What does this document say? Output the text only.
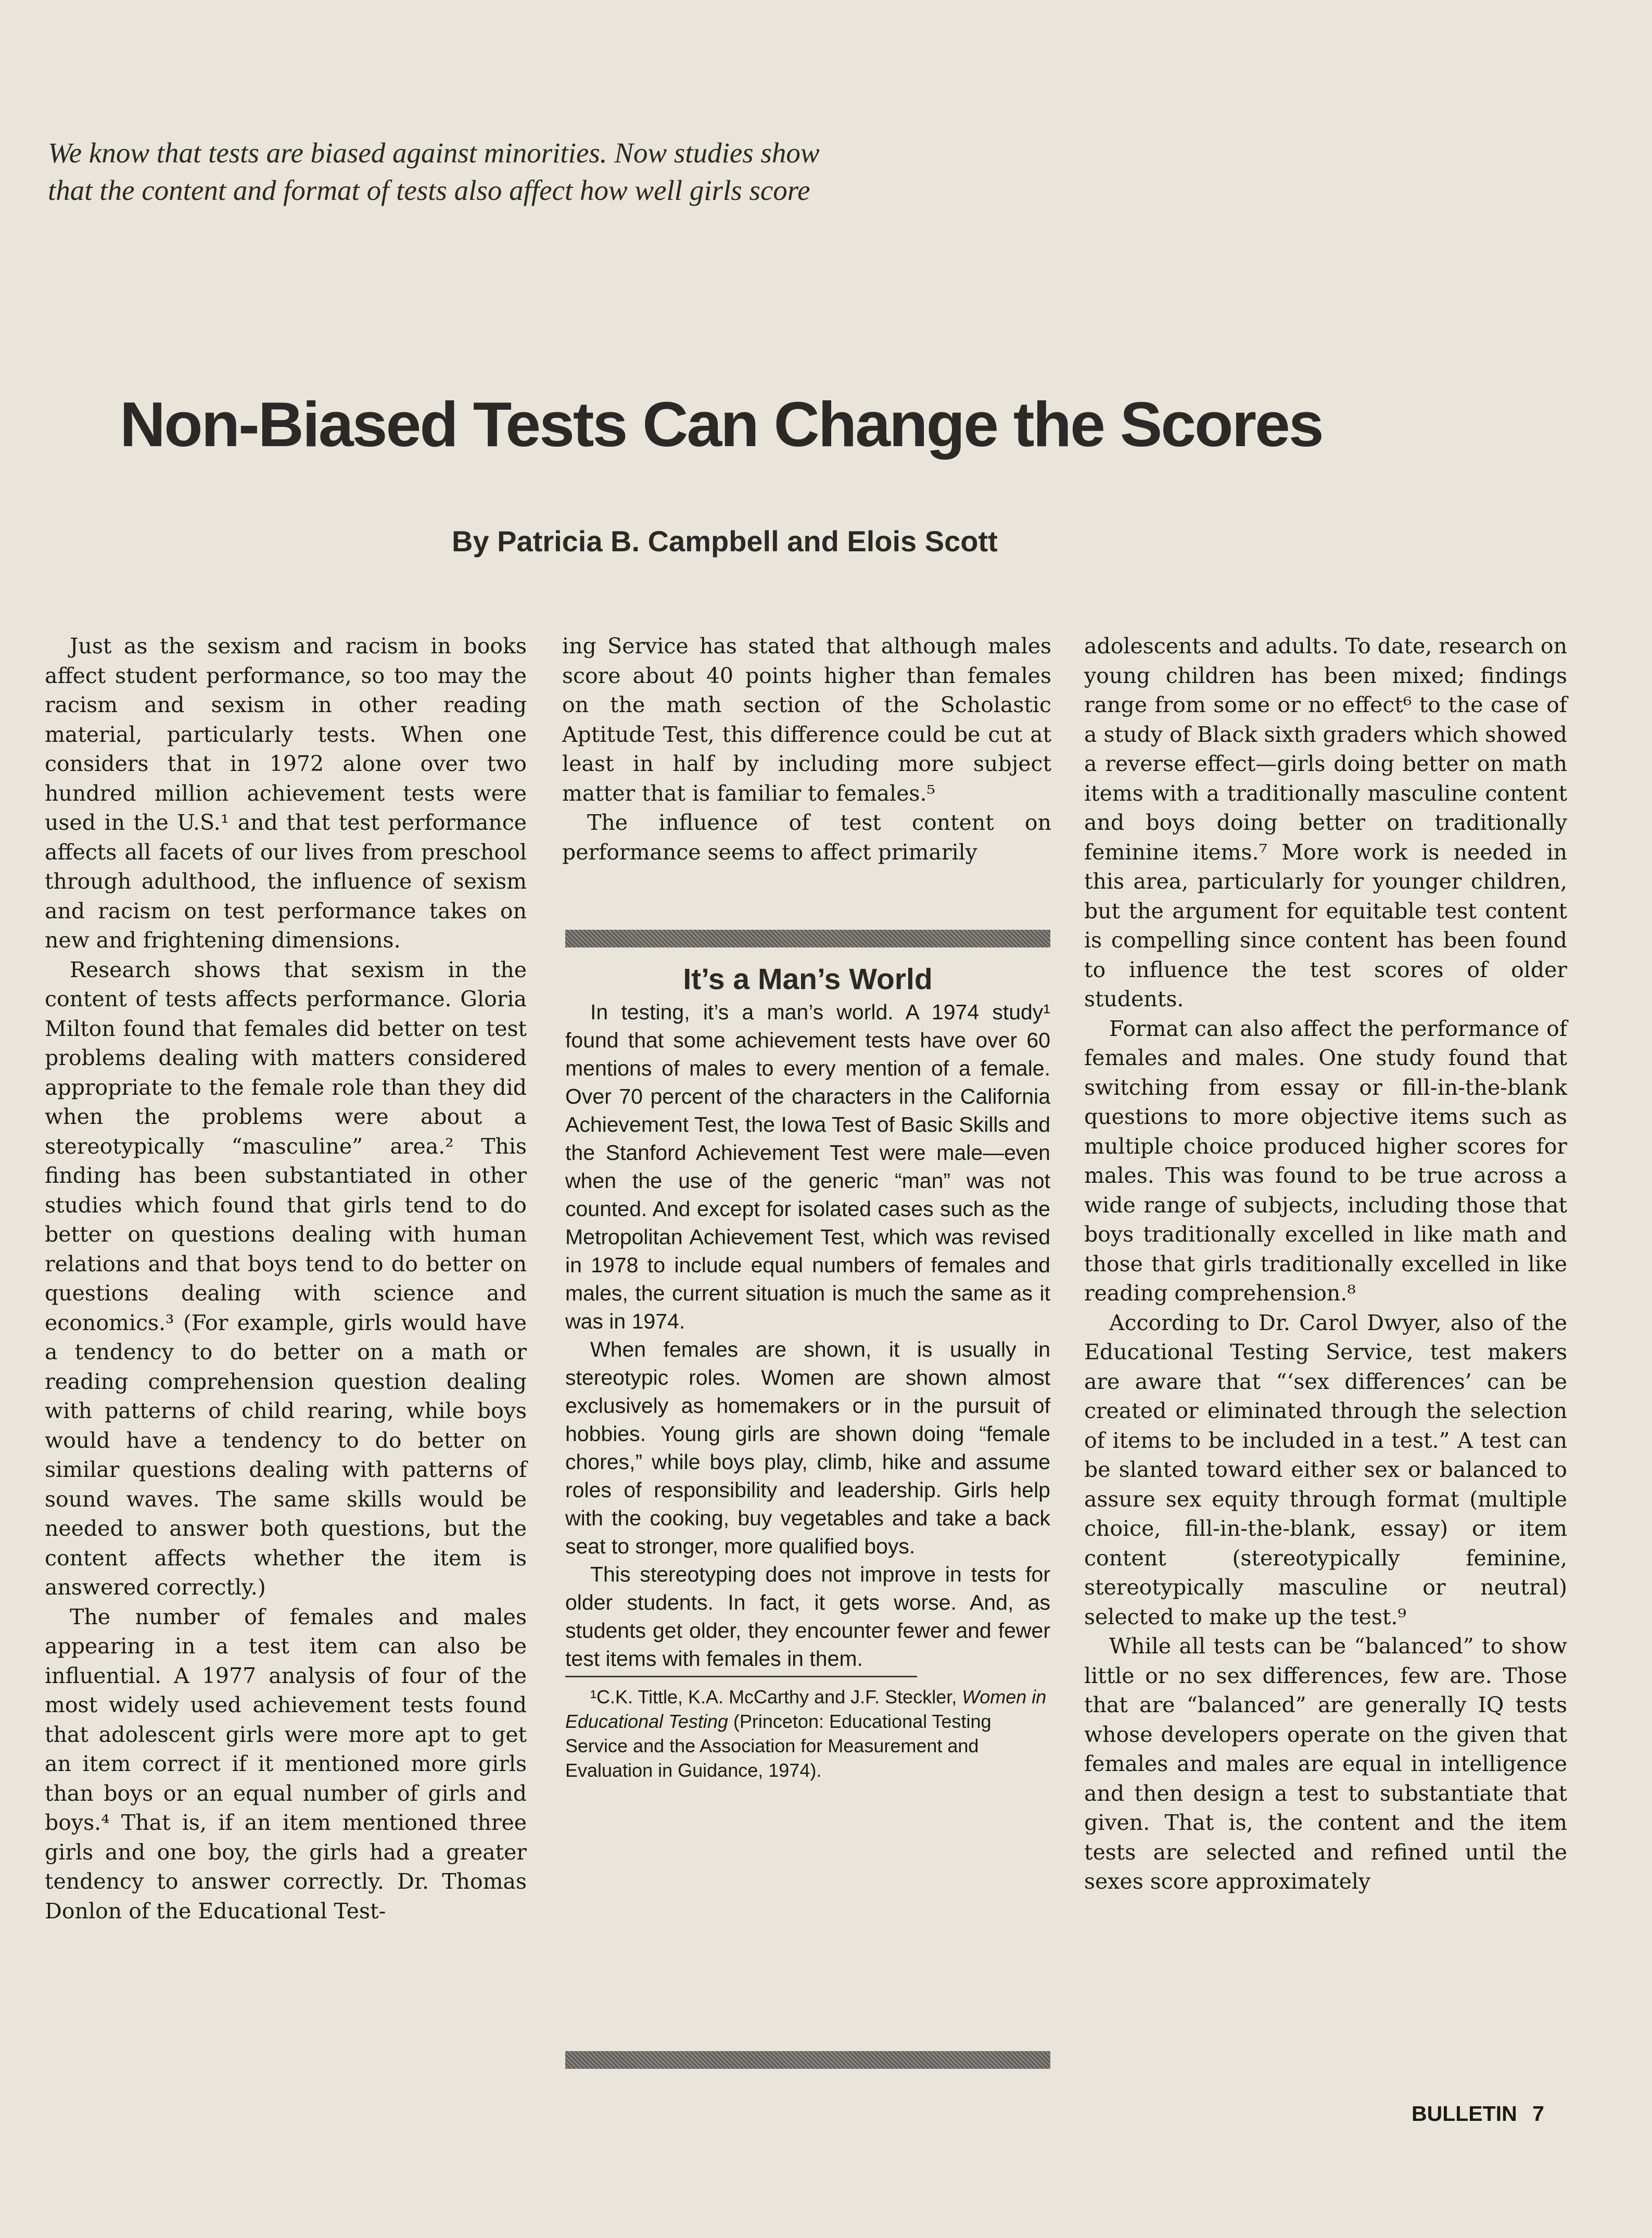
We know that tests are biased against minorities. Now studies show
that the content and format of tests also affect how well girls score
Non-Biased Tests Can Change the Scores
By Patricia B. Campbell and Elois Scott

Just as the sexism and racism in books affect student performance, so too may the racism and sexism in other reading material, particularly tests. When one considers that in 1972 alone over two hundred million achievement tests were used in the U.S.¹ and that test performance affects all facets of our lives from preschool through adulthood, the influence of sexism and racism on test performance takes on new and frightening dimensions.

Research shows that sexism in the content of tests affects performance. Gloria Milton found that females did better on test problems dealing with matters considered appropriate to the female role than they did when the problems were about a stereotypically “masculine” area.² This finding has been substantiated in other studies which found that girls tend to do better on questions dealing with human relations and that boys tend to do better on questions dealing with science and economics.³ (For example, girls would have a tendency to do better on a math or reading comprehension question dealing with patterns of child rearing, while boys would have a tendency to do better on similar questions dealing with patterns of sound waves. The same skills would be needed to answer both questions, but the content affects whether the item is answered correctly.)

The number of females and males appearing in a test item can also be influential. A 1977 analysis of four of the most widely used achievement tests found that adolescent girls were more apt to get an item correct if it mentioned more girls than boys or an equal number of girls and boys.⁴ That is, if an item mentioned three girls and one boy, the girls had a greater tendency to answer correctly. Dr. Thomas Donlon of the Educational Test-

ing Service has stated that although males score about 40 points higher than females on the math section of the Scholastic Aptitude Test, this difference could be cut at least in half by including more subject matter that is familiar to females.⁵

The influence of test content on performance seems to affect primarily

It’s a Man’s World

In testing, it’s a man’s world. A 1974 study¹ found that some achievement tests have over 60 mentions of males to every mention of a female. Over 70 percent of the characters in the California Achievement Test, the Iowa Test of Basic Skills and the Stanford Achievement Test were male—even when the use of the generic “man” was not counted. And except for isolated cases such as the Metropolitan Achievement Test, which was revised in 1978 to include equal numbers of females and males, the current situation is much the same as it was in 1974.

When females are shown, it is usually in stereotypic roles. Women are shown almost exclusively as homemakers or in the pursuit of hobbies. Young girls are shown doing “female chores,” while boys play, climb, hike and assume roles of responsibility and leadership. Girls help with the cooking, buy vegetables and take a back seat to stronger, more qualified boys.

This stereotyping does not improve in tests for older students. In fact, it gets worse. And, as students get older, they encounter fewer and fewer test items with females in them.

¹C.K. Tittle, K.A. McCarthy and J.F. Steckler, Women in Educational Testing (Princeton: Educational Testing Service and the Association for Measurement and Evaluation in Guidance, 1974).

adolescents and adults. To date, research on young children has been mixed; findings range from some or no effect⁶ to the case of a study of Black sixth graders which showed a reverse effect—girls doing better on math items with a traditionally masculine content and boys doing better on traditionally feminine items.⁷ More work is needed in this area, particularly for younger children, but the argument for equitable test content is compelling since content has been found to influence the test scores of older students.

Format can also affect the performance of females and males. One study found that switching from essay or fill-in-the-blank questions to more objective items such as multiple choice produced higher scores for males. This was found to be true across a wide range of subjects, including those that boys traditionally excelled in like math and those that girls traditionally excelled in like reading comprehension.⁸

According to Dr. Carol Dwyer, also of the Educational Testing Service, test makers are aware that “‘sex differences’ can be created or eliminated through the selection of items to be included in a test.” A test can be slanted toward either sex or balanced to assure sex equity through format (multiple choice, fill-in-the-blank, essay) or item content (stereotypically feminine, stereotypically masculine or neutral) selected to make up the test.⁹

While all tests can be “balanced” to show little or no sex differences, few are. Those that are “balanced” are generally IQ tests whose developers operate on the given that females and males are equal in intelligence and then design a test to substantiate that given. That is, the content and the item tests are selected and refined until the sexes score approximately

BULLETIN 7
